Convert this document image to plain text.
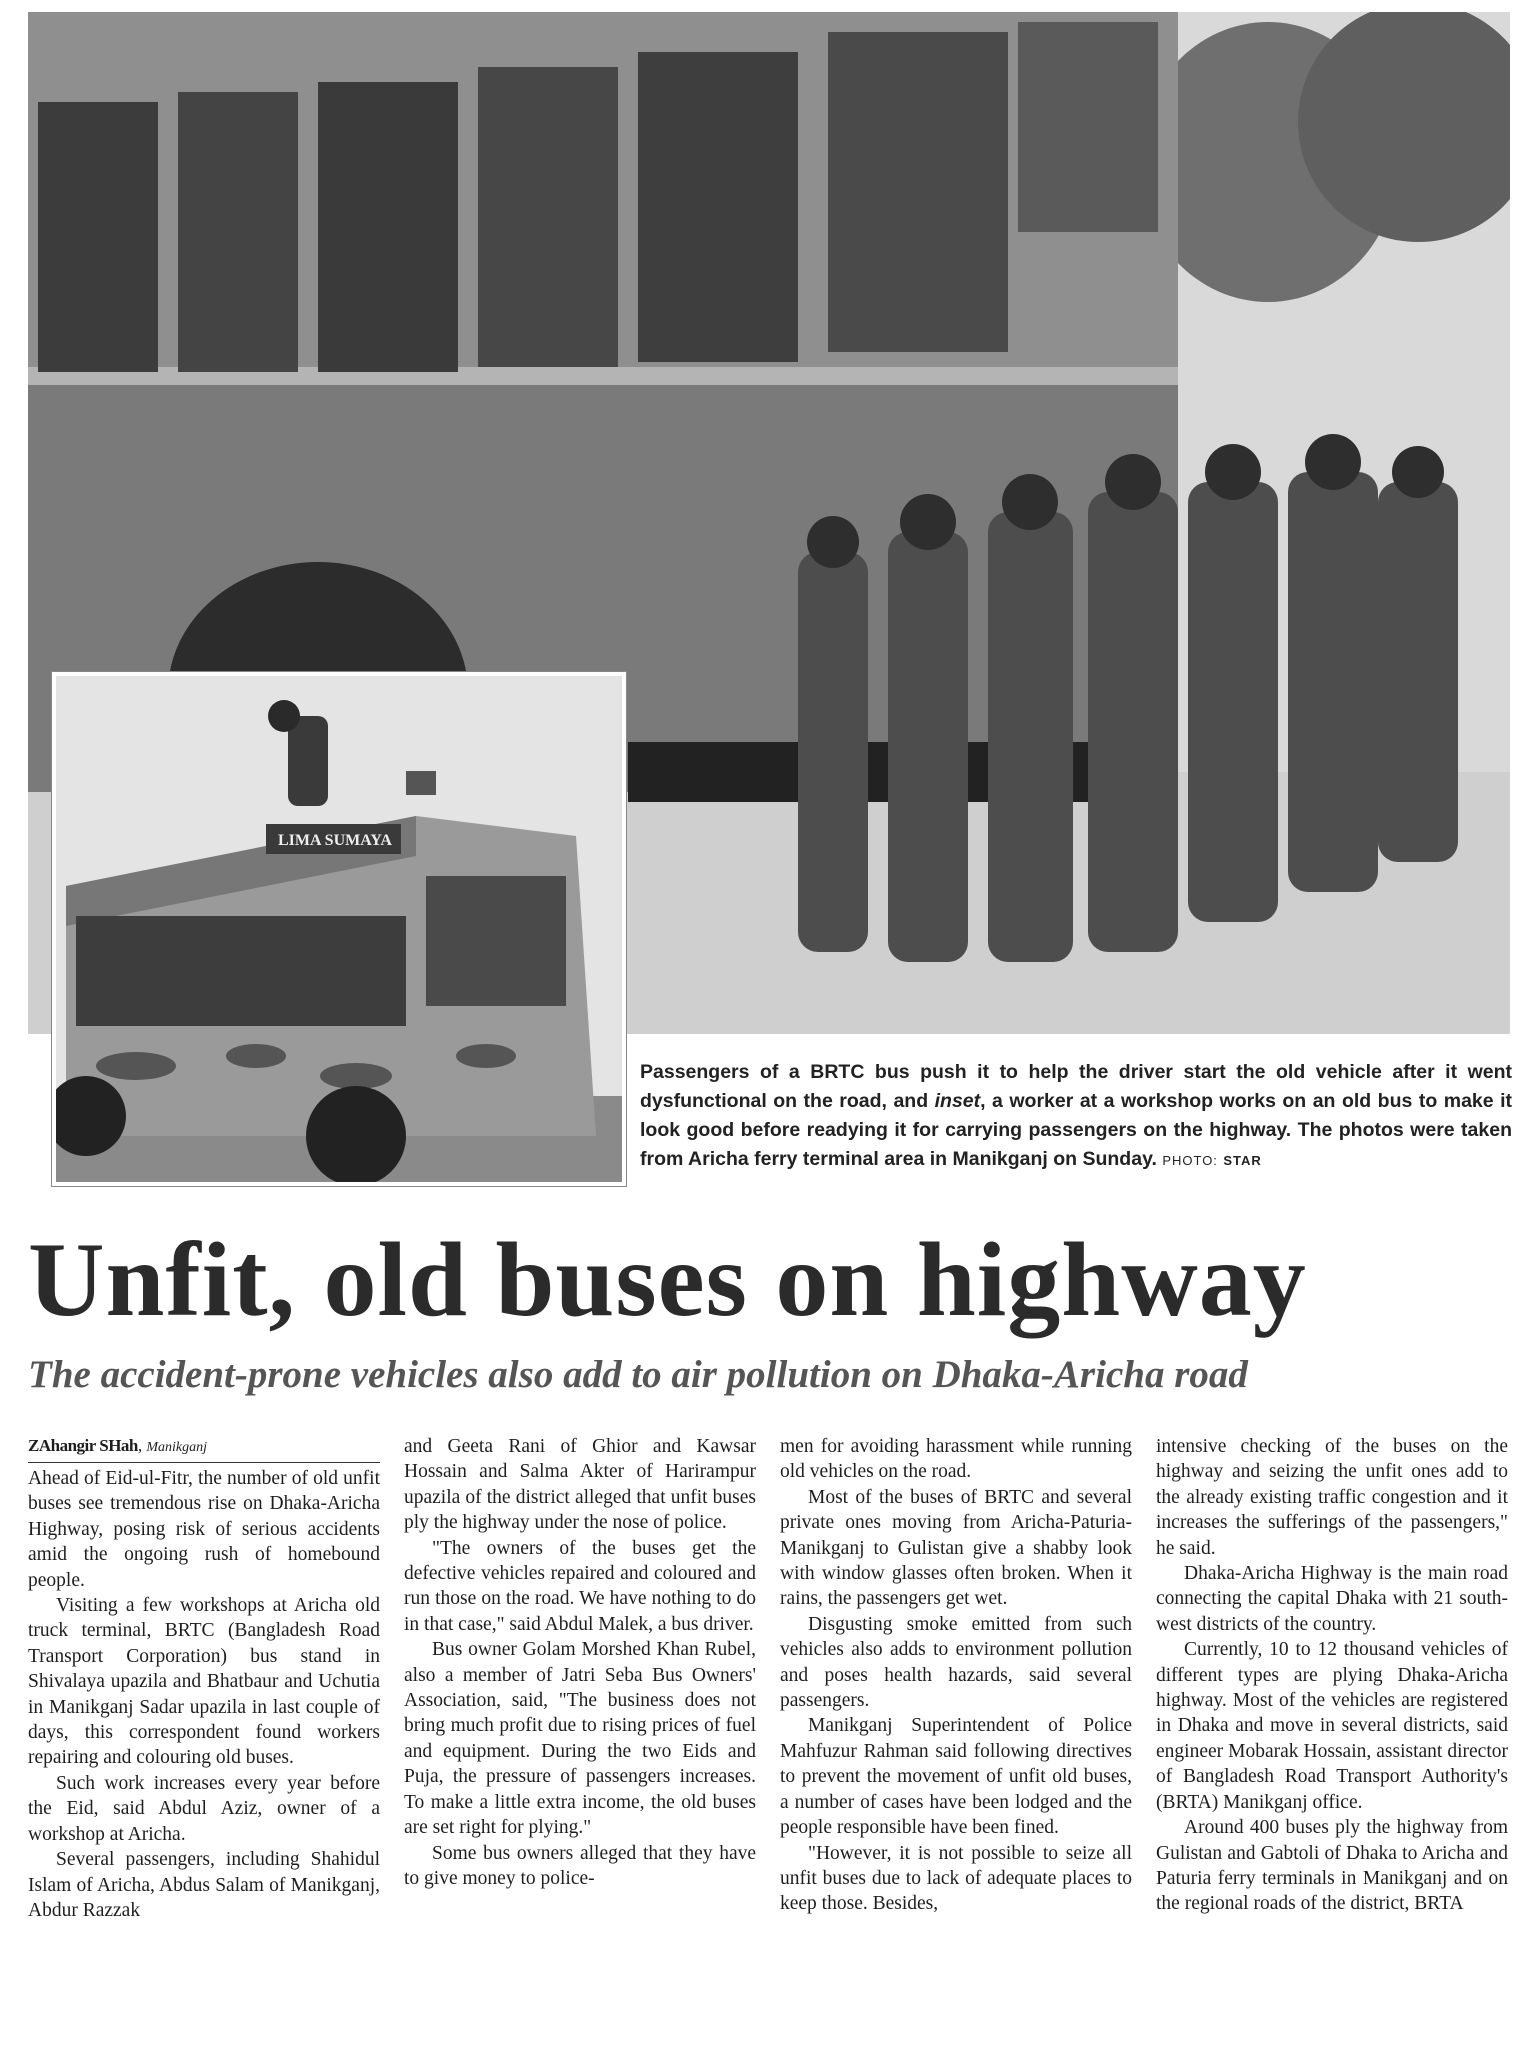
LIMA SUMAYA
Passengers of a BRTC bus push it to help the driver start the old vehicle after it went dysfunctional on the road, and inset, a worker at a workshop works on an old bus to make it look good before readying it for carrying passengers on the highway. The photos were taken from Aricha ferry terminal area in Manikganj on Sunday. PHOTO: STAR
Unfit, old buses on highway
The accident-prone vehicles also add to air pollution on Dhaka-Aricha road
ZAhangir SHah, Manikganj

Ahead of Eid-ul-Fitr, the number of old unfit buses see tremendous rise on Dhaka-Aricha Highway, posing risk of serious accidents amid the ongoing rush of homebound people.

Visiting a few workshops at Aricha old truck terminal, BRTC (Bangladesh Road Transport Corporation) bus stand in Shivalaya upazila and Bhatbaur and Uchutia in Manikganj Sadar upazila in last couple of days, this correspondent found workers repairing and colouring old buses.

Such work increases every year before the Eid, said Abdul Aziz, owner of a workshop at Aricha.

Several passengers, including Shahidul Islam of Aricha, Abdus Salam of Manikganj, Abdur Razzak

and Geeta Rani of Ghior and Kawsar Hossain and Salma Akter of Harirampur upazila of the district alleged that unfit buses ply the highway under the nose of police.

"The owners of the buses get the defective vehicles repaired and coloured and run those on the road. We have nothing to do in that case," said Abdul Malek, a bus driver.

Bus owner Golam Morshed Khan Rubel, also a member of Jatri Seba Bus Owners' Association, said, "The business does not bring much profit due to rising prices of fuel and equipment. During the two Eids and Puja, the pressure of passengers increases. To make a little extra income, the old buses are set right for plying."

Some bus owners alleged that they have to give money to police-

men for avoiding harassment while running old vehicles on the road.

Most of the buses of BRTC and several private ones moving from Aricha-Paturia-Manikganj to Gulistan give a shabby look with window glasses often broken. When it rains, the passengers get wet.

Disgusting smoke emitted from such vehicles also adds to environment pollution and poses health hazards, said several passengers.

Manikganj Superintendent of Police Mahfuzur Rahman said following directives to prevent the movement of unfit old buses, a number of cases have been lodged and the people responsible have been fined.

"However, it is not possible to seize all unfit buses due to lack of adequate places to keep those. Besides,

intensive checking of the buses on the highway and seizing the unfit ones add to the already existing traffic congestion and it increases the sufferings of the passengers," he said.

Dhaka-Aricha Highway is the main road connecting the capital Dhaka with 21 south-west districts of the country.

Currently, 10 to 12 thousand vehicles of different types are plying Dhaka-Aricha highway. Most of the vehicles are registered in Dhaka and move in several districts, said engineer Mobarak Hossain, assistant director of Bangladesh Road Transport Authority's (BRTA) Manikganj office.

Around 400 buses ply the highway from Gulistan and Gabtoli of Dhaka to Aricha and Paturia ferry terminals in Manikganj and on the regional roads of the district, BRTA
